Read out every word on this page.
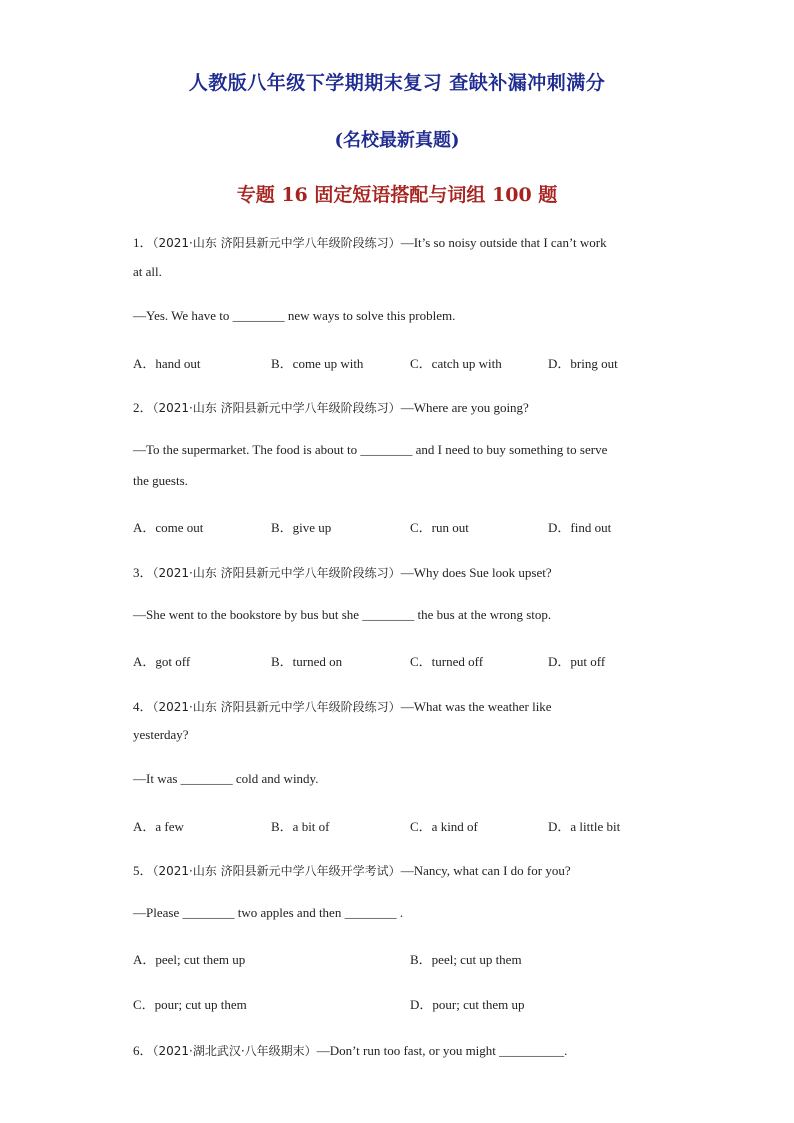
人教版八年级下学期期末复习 查缺补漏冲刺满分
(名校最新真题)
专题 16 固定短语搭配与词组 100 题
1．（2021·山东 济阳县新元中学八年级阶段练习）—It’s so noisy outside that I can’t work
at all.
—Yes. We have to ________ new ways to solve this problem.
A．hand out	B．come up with	C．catch up with	D．bring out
2．（2021·山东 济阳县新元中学八年级阶段练习）—Where are you going?
—To the supermarket. The food is about to ________ and I need to buy something to serve
the guests.
A．come out	B．give up	C．run out	D．find out
3．（2021·山东 济阳县新元中学八年级阶段练习）—Why does Sue look upset?
—She went to the bookstore by bus but she ________ the bus at the wrong stop.
A．got off	B．turned on	C．turned off	D．put off
4．（2021·山东 济阳县新元中学八年级阶段练习）—What was the weather like
yesterday?
—It was ________ cold and windy.
A．a few	B．a bit of	C．a kind of	D．a little bit
5．（2021·山东 济阳县新元中学八年级开学考试）—Nancy, what can I do for you?
—Please ________ two apples and then ________ .
A．peel; cut them up	B．peel; cut up them
C．pour; cut up them	D．pour; cut them up
6．（2021·湖北武汉·八年级期末）—Don’t run too fast, or you might __________.
